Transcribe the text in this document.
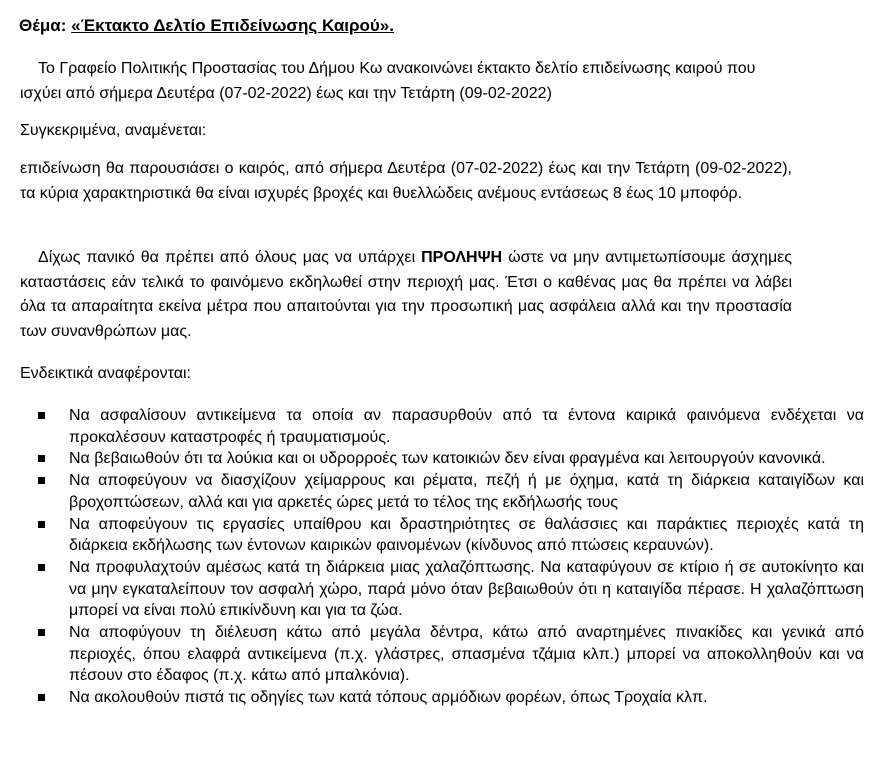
Θέμα: «Έκτακτο Δελτίο Επιδείνωσης Καιρού».
Το Γραφείο Πολιτικής Προστασίας του Δήμου Κω ανακοινώνει έκτακτο δελτίο επιδείνωσης καιρού που ισχύει από σήμερα Δευτέρα (07-02-2022) έως και την Τετάρτη (09-02-2022)
Συγκεκριμένα, αναμένεται:
επιδείνωση θα παρουσιάσει ο καιρός, από σήμερα Δευτέρα (07-02-2022) έως και την Τετάρτη (09-02-2022), τα κύρια χαρακτηριστικά θα είναι ισχυρές βροχές και θυελλώδεις ανέμους εντάσεως 8 έως 10 μποφόρ.
Δίχως πανικό θα πρέπει από όλους μας να υπάρχει ΠΡΟΛΗΨΗ ώστε να μην αντιμετωπίσουμε άσχημες καταστάσεις εάν τελικά το φαινόμενο εκδηλωθεί στην περιοχή μας. Έτσι ο καθένας μας θα πρέπει να λάβει όλα τα απαραίτητα εκείνα μέτρα που απαιτούνται για την προσωπική μας ασφάλεια αλλά και την προστασία των συνανθρώπων μας.
Ενδεικτικά αναφέρονται:
Να ασφαλίσουν αντικείμενα τα οποία αν παρασυρθούν από τα έντονα καιρικά φαινόμενα ενδέχεται να προκαλέσουν καταστροφές ή τραυματισμούς.
Να βεβαιωθούν ότι τα λούκια και οι υδρορροές των κατοικιών δεν είναι φραγμένα και λειτουργούν κανονικά.
Να αποφεύγουν να διασχίζουν χείμαρρους και ρέματα, πεζή ή με όχημα, κατά τη διάρκεια καταιγίδων και βροχοπτώσεων, αλλά και για αρκετές ώρες μετά το τέλος της εκδήλωσής τους
Να αποφεύγουν τις εργασίες υπαίθρου και δραστηριότητες σε θαλάσσιες και παράκτιες περιοχές κατά τη διάρκεια εκδήλωσης των έντονων καιρικών φαινομένων (κίνδυνος από πτώσεις κεραυνών).
Να προφυλαχτούν αμέσως κατά τη διάρκεια μιας χαλαζόπτωσης. Να καταφύγουν σε κτίριο ή σε αυτοκίνητο και να μην εγκαταλείπουν τον ασφαλή χώρο, παρά μόνο όταν βεβαιωθούν ότι η καταιγίδα πέρασε. Η χαλαζόπτωση μπορεί να είναι πολύ επικίνδυνη και για τα ζώα.
Να αποφύγουν τη διέλευση κάτω από μεγάλα δέντρα, κάτω από αναρτημένες πινακίδες και γενικά από περιοχές, όπου ελαφρά αντικείμενα (π.χ. γλάστρες, σπασμένα τζάμια κλπ.) μπορεί να αποκολληθούν και να πέσουν στο έδαφος (π.χ. κάτω από μπαλκόνια).
Να ακολουθούν πιστά τις οδηγίες των κατά τόπους αρμόδιων φορέων, όπως Τροχαία κλπ.
